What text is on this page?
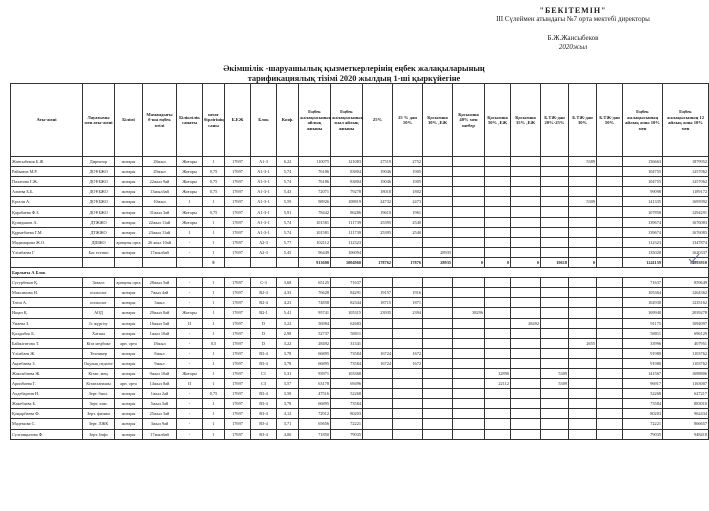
"БЕКІТЕМІН"
ІІІ Сүлеймен атындағы №7 орта мектебі директоры
Б.Ж.Жансыбеков
2020жыл
Әкімшілік -шаруашылық қызметкерлерінің еңбек жалақыларының
тарификациялық тізімі 2020 жылдың 1-ші қыркүйегіне
Аты-жөні	Лауазымы мен аты-жөні	Білімі	Мамандығы б-ша еңбек өтілі	Біліктілік санаты	штат бірлігінің саны	Б.ЕЖ	Блок	Коэф.	Еңбек жалақысының айлық жиыны	Еңбек жалақысының жыл айлық жиыны	25%	25 % дан 10%	Қосымша 30% ,ЕЖ	Қосымша 40% мен шебер	Қосымша 50% ,ЕЖ	Қосымша 35% ,ЕЖ	Б.ТЖ-дан 20%-25%	Б.ТЖ-дан 30%	Б.ТЖ-дан 50%	Еңбек жалақысының айлық жиы 10% мен	Еңбек жалақысының 12 айлық жиы 10% мен
Жансыбеков Б.Ж	Директор	жоғары	28жыл	Жоғары	1	17697	А1-3	6,22	110075	121083	27519	2752						5389		156663	1879952
Райымов М.Р.	ДОҰБЖО	жоғары	29жыл	Жоғары	0,75	17697	А1-3-1	5,74	76186	83804	19046	1905								104755	1257062
Палатова Г.Ж.	ДОҰБЖО	жоғары	22жыл 9ай	Жоғары	0,75	17697	А1-3-1	5,74	76186	83804	19046	1905								104755	1257062
Алиева Б.Б.	ДОҰБЖО	жоғары	13жыл3ай	Жоғары	0,75	17697	А1-3-1	5,43	72071	79278	18018	1802								99098	1189172
Ергали А.	ДОҰБЖО	жоғары	10жыл	1	1	17697	А1-3-1	5,59	98926	108819	24732	2473						5309		141335	1695992
Қарабаева Ф.З.	ДОҰБЖО	жоғары	31жыл 3ай	Жоғары	0,75	17697	А1-3-1	5,91	78442	86286	19610	1961								107858	1294291
Қуандыков А.	ДТЖЖО	жоғары	22жыл 11ай	Жоғары	1	17697	А1-3-1	5,74	101581	111739	25395	2540								139674	1676083
Құрмебаева Г.М.	ДТЖЖО	жоғары	23жыл 11ай	1	1	17697	А1-3-1	5,74	101581	111739	25395	2540								139674	1676083
Мадимарова Ж.О.	ДШЖО	арнаулы орта	26 жыл 10ай	-	1	17697	А2-3	5,77	102112	112323										112323	1347874
Үлімбаева Г	Бас есепші	жоғары	17жыл6ай	-	1	17697	А2-3	5,45	96449	106094			28935							135028	1620337
					9				913600	1004960	178762	17876	28935	0	0	0	10618	0		1241159	14893910
Барлығы А Блок																					
Сугурбеков Қ.	Завхоз	арнаулы орта	28жыл 5ай	-	1	17697	С-3	3,68	65125	71637										71637	859649
Максимова Н.	психолог	жоғары	7жыл 4ай	-	1	17697	В2-4	4,33	76628	84291	19157	1916								105364	1264362
Тлеш А.	психолог	жоғары	3жыл	-	1	17697	В2-4	4,23	74858	82344	18715	1871								102930	1235162
Ищан Қ.	АОД	жоғары	29жыл 8ай	Жоғары	1	17697	В2-1	5,41	95741	105315	23935	2394		38296						169940	2039278
Умаева З.	Іс жүргізу	жоғары	16жыл 5ай	ІІ	1	17697	D	3,22	56984	62683						28492				91175	1094097
Қалдыбек Б.	Хатшы	жоғары	1жыл 10ай	-	1	17697	D	2,98	52737	58011										58011	696129
Байжігитова Т.	Кіта медбике	арн. орта	18жыл	-	0,5	17697	D	3,22	28492	31341								2655		33996	407951
Үлімбаев Ж.	Техникер	жоғары	8жыл	-	1	17697	В3-4	3,78	66895	73584	16724	1672								91980	1103762
Ақпебаева З.	Оқулық педагог	жоғары	9жыл	-	1	17697	В3-4	3,78	66895	73584	16724	1672								91980	1103762
Жаксыбаева Ж.	Кітап. мең.	жоғары	9жыл 10ай	Жоғары	1	17697	С1	5,31	93971	103368					32890		5309			141567	1698806
Арипбаева Г.	Кітапханашы	арн. орта	14жыл 8ай	ІІ	1	17697	С3	3,57	63178	69496					22112		5309			96917	1163007
Ахдебаргин Н.	Зерт. биол.	жоғары	1жыл 2ай	-	0,75	17697	В3-4	3,58	47516	52268										52268	627217
Жакебаева Б.	Зерт. хим.	жоғары	5жыл 3ай	-	1	17697	В3-4	3,78	66895	73584										73584	883010
Қоңырбаева Ф.	Зерт. физика	жоғары	25жыл 3ай	-	1	17697	В3-4	4,12	72912	80203										80203	962434
Мадемова С.	Зерт. ЛЖК	жоғары	3жыл 9ай	-	1	17697	В3-4	3,71	65656	72221										72221	866657
Султанқызова Ф.	Зерт. Інфо	жоғары	17жыл6ай	-	1	17697	В3-4	4,06	71850	79035										79035	948418
